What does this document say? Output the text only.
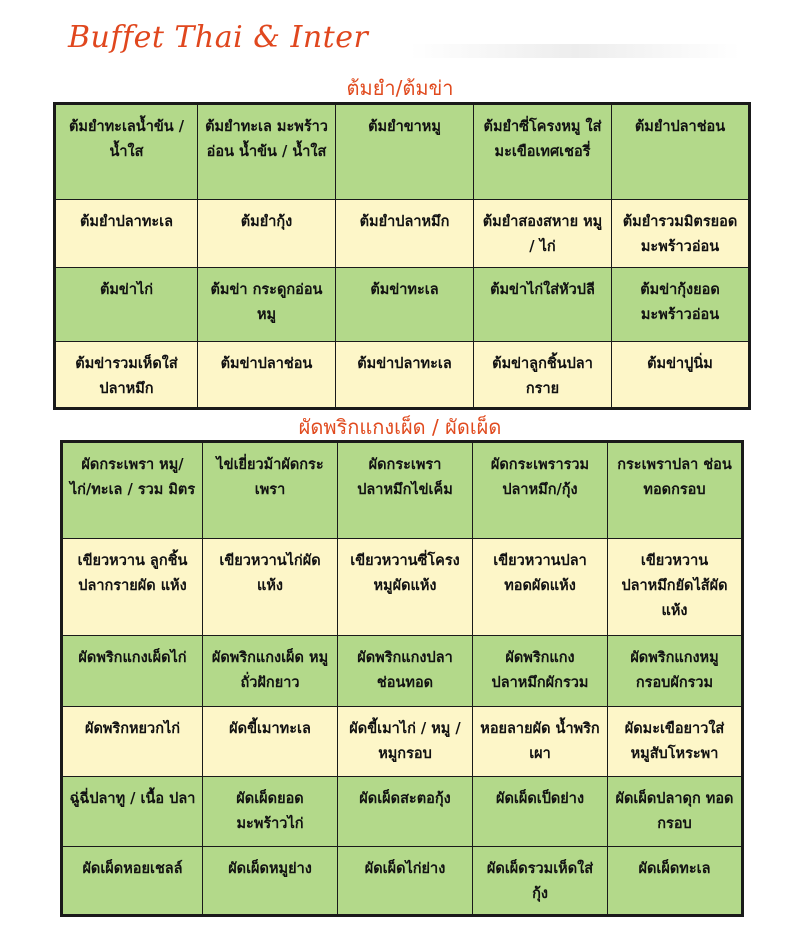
Buffet Thai & Inter
ต้มยำ/ต้มข่า
ต้มยำทะเลน้ำข้น / น้ำใส	ต้มยำทะเล มะพร้าวอ่อน น้ำข้น / น้ำใส	ต้มยำขาหมู	ต้มยำซี่โครงหมู ใส่มะเขือเทศเชอรี่	ต้มยำปลาช่อน
ต้มยำปลาทะเล	ต้มยำกุ้ง	ต้มยำปลาหมึก	ต้มยำสองสหาย หมู / ไก่	ต้มยำรวมมิตรยอด มะพร้าวอ่อน
ต้มข่าไก่	ต้มข่า กระดูกอ่อนหมู	ต้มข่าทะเล	ต้มข่าไก่ใส่หัวปลี	ต้มข่ากุ้งยอด มะพร้าวอ่อน
ต้มข่ารวมเห็ดใส่ ปลาหมึก	ต้มข่าปลาช่อน	ต้มข่าปลาทะเล	ต้มข่าลูกชิ้นปลา กราย	ต้มข่าปูนิ่ม
ผัดพริกแกงเผ็ด / ผัดเผ็ด
ผัดกระเพรา หมู/ ไก่/ทะเล / รวม มิตร	ไข่เยี่ยวม้าผัดกระ เพรา	ผัดกระเพรา ปลาหมึกไข่เค็ม	ผัดกระเพรารวม ปลาหมึก/กุ้ง	กระเพราปลา ช่อนทอดกรอบ
เขียวหวาน ลูกชิ้นปลากรายผัด แห้ง	เขียวหวานไก่ผัด แห้ง	เขียวหวานซี่โครง หมูผัดแห้ง	เขียวหวานปลา ทอดผัดแห้ง	เขียวหวาน ปลาหมึกยัดไส้ผัด แห้ง
ผัดพริกแกงเผ็ดไก่	ผัดพริกแกงเผ็ด หมูถั่วฝักยาว	ผัดพริกแกงปลา ช่อนทอด	ผัดพริกแกง ปลาหมึกผักรวม	ผัดพริกแกงหมู กรอบผักรวม
ผัดพริกหยวกไก่	ผัดขี้เมาทะเล	ผัดขี้เมาไก่ / หมู / หมูกรอบ	หอยลายผัด น้ำพริกเผา	ผัดมะเขือยาวใส่ หมูสับโหระพา
ฉู่ฉี่ปลาทู / เนื้อ ปลา	ผัดเผ็ดยอด มะพร้าวไก่	ผัดเผ็ดสะตอกุ้ง	ผัดเผ็ดเป็ดย่าง	ผัดเผ็ดปลาดุก ทอดกรอบ
ผัดเผ็ดหอยเชลล์	ผัดเผ็ดหมูย่าง	ผัดเผ็ดไก่ย่าง	ผัดเผ็ดรวมเห็ดใส่ กุ้ง	ผัดเผ็ดทะเล
